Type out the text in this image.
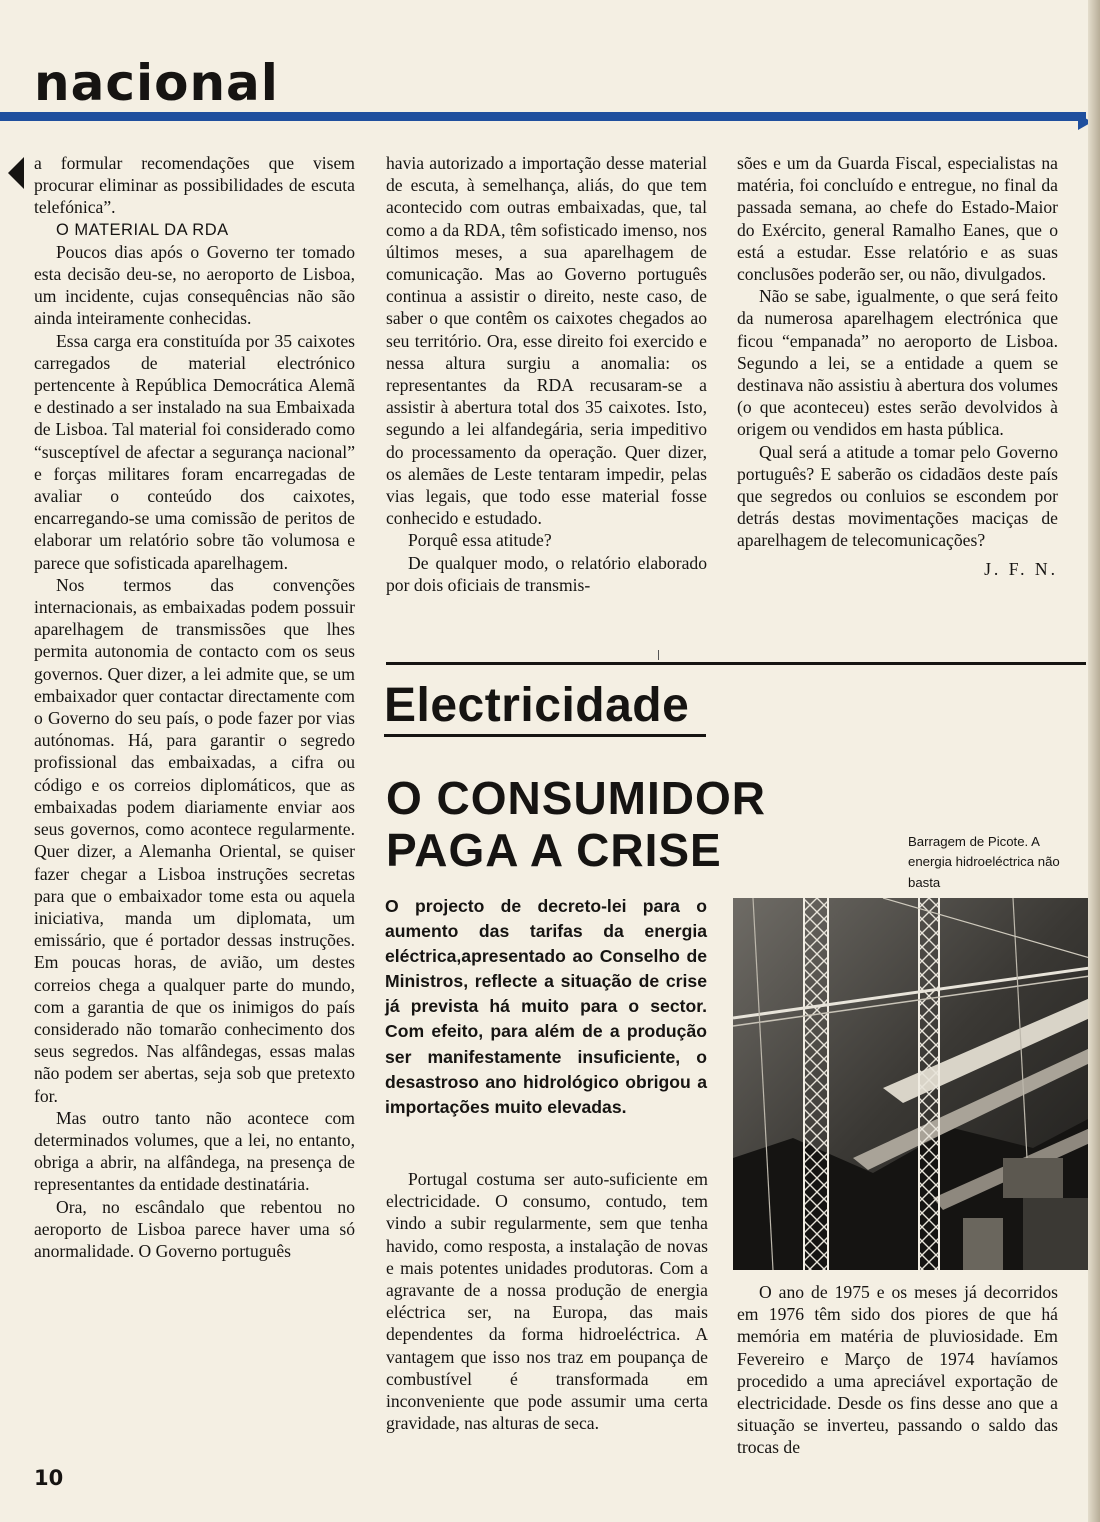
nacional

a formular recomendações que visem procurar eliminar as possibilidades de escuta telefónica”.

O MATERIAL DA RDA

Poucos dias após o Governo ter tomado esta decisão deu-se, no aeroporto de Lisboa, um incidente, cujas consequências não são ainda inteiramente conhecidas.

Essa carga era constituída por 35 caixotes carregados de material electrónico pertencente à República Democrática Alemã e destinado a ser instalado na sua Embaixada de Lisboa. Tal material foi considerado como “susceptível de afectar a segurança nacional” e forças militares foram encarregadas de avaliar o conteúdo dos caixotes, encarregando-se uma comissão de peritos de elaborar um relatório sobre tão volumosa e parece que sofisticada aparelhagem.

Nos termos das convenções internacionais, as embaixadas podem possuir aparelhagem de transmissões que lhes permita autonomia de contacto com os seus governos. Quer dizer, a lei admite que, se um embaixador quer contactar directamente com o Governo do seu país, o pode fazer por vias autónomas. Há, para garantir o segredo profissional das embaixadas, a cifra ou código e os correios diplomáticos, que as embaixadas podem diariamente enviar aos seus governos, como acontece regularmente. Quer dizer, a Alemanha Oriental, se quiser fazer chegar a Lisboa instruções secretas para que o embaixador tome esta ou aquela iniciativa, manda um diplomata, um emissário, que é portador dessas instruções. Em poucas horas, de avião, um destes correios chega a qualquer parte do mundo, com a garantia de que os inimigos do país considerado não tomarão conhecimento dos seus segredos. Nas alfândegas, essas malas não podem ser abertas, seja sob que pretexto for.

Mas outro tanto não acontece com determinados volumes, que a lei, no entanto, obriga a abrir, na alfândega, na presença de representantes da entidade destinatária.

Ora, no escândalo que rebentou no aeroporto de Lisboa parece haver uma só anormalidade. O Governo português

havia autorizado a importação desse material de escuta, à semelhança, aliás, do que tem acontecido com outras embaixadas, que, tal como a da RDA, têm sofisticado imenso, nos últimos meses, a sua aparelhagem de comunicação. Mas ao Governo português continua a assistir o direito, neste caso, de saber o que contêm os caixotes chegados ao seu território. Ora, esse direito foi exercido e nessa altura surgiu a anomalia: os representantes da RDA recusaram-se a assistir à abertura total dos 35 caixotes. Isto, segundo a lei alfandegária, seria impeditivo do processamento da operação. Quer dizer, os alemães de Leste tentaram impedir, pelas vias legais, que todo esse material fosse conhecido e estudado.

Porquê essa atitude?

De qualquer modo, o relatório elaborado por dois oficiais de transmis-

sões e um da Guarda Fiscal, especialistas na matéria, foi concluído e entregue, no final da passada semana, ao chefe do Estado-Maior do Exército, general Ramalho Eanes, que o está a estudar. Esse relatório e as suas conclusões poderão ser, ou não, divulgados.

Não se sabe, igualmente, o que será feito da numerosa aparelhagem electrónica que ficou “empanada” no aeroporto de Lisboa. Segundo a lei, se a entidade a quem se destinava não assistiu à abertura dos volumes (o que aconteceu) estes serão devolvidos à origem ou vendidos em hasta pública.

Qual será a atitude a tomar pelo Governo português? E saberão os cidadãos deste país que segredos ou conluios se escondem por detrás destas movimentações maciças de aparelhagem de telecomunicações?

J. F. N.

Electricidade
O CONSUMIDOR PAGA A CRISE

O projecto de decreto-lei para o aumento das tarifas da energia eléctrica,apresentado ao Conselho de Ministros, reflecte a situação de crise já prevista há muito para o sector. Com efeito, para além de a produção ser manifestamente insuficiente, o desastroso ano hidrológico obrigou a importações muito elevadas.

Portugal costuma ser auto-suficiente em electricidade. O consumo, contudo, tem vindo a subir regularmente, sem que tenha havido, como resposta, a instalação de novas e mais potentes unidades produtoras. Com a agravante de a nossa produção de energia eléctrica ser, na Europa, das mais dependentes da forma hidroeléctrica. A vantagem que isso nos traz em poupança de combustível é transformada em inconveniente que pode assumir uma certa gravidade, nas alturas de seca.

Barragem de Picote. A energia hidroeléctrica não basta

O ano de 1975 e os meses já decorridos em 1976 têm sido dos piores de que há memória em matéria de pluviosidade. Em Fevereiro e Março de 1974 havíamos procedido a uma apreciável exportação de electricidade. Desde os fins desse ano que a situação se inverteu, passando o saldo das trocas de

10
